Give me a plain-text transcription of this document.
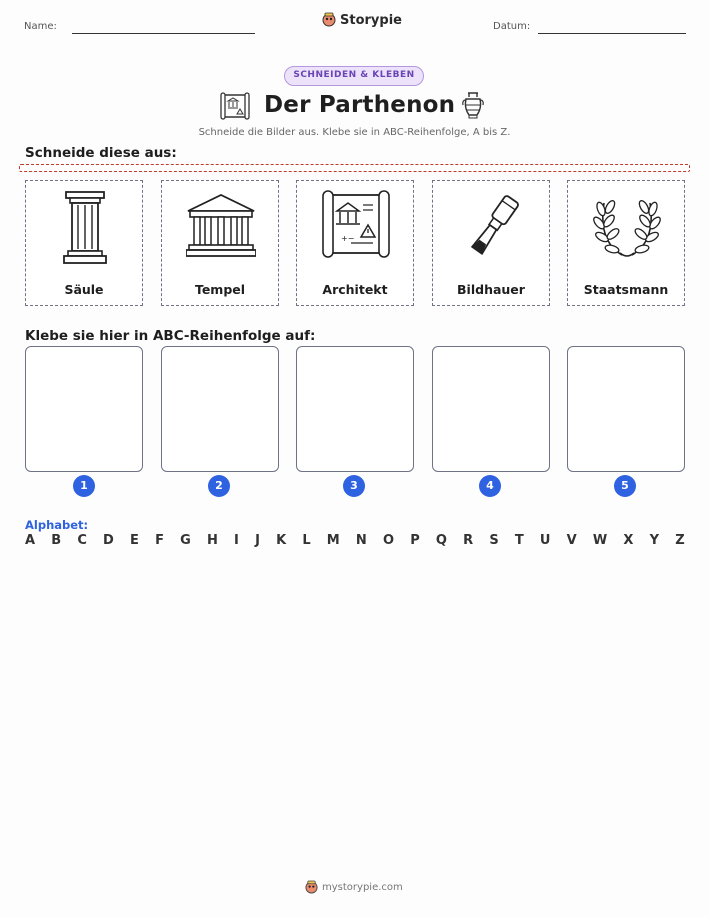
Name:	Storypie	Datum:
SCHNEIDEN & KLEBEN
Der Parthenon
Schneide die Bilder aus. Klebe sie in ABC-Reihenfolge, A bis Z.
Schneide diese aus:
Säule	Tempel
+−
Architekt	Bildhauer	Staatsmann
Klebe sie hier in ABC-Reihenfolge auf:
1	2	3	4	5
Alphabet:
A B C D E F G H I J K L M N O P Q R S T U V W X Y Z
mystorypie.com
